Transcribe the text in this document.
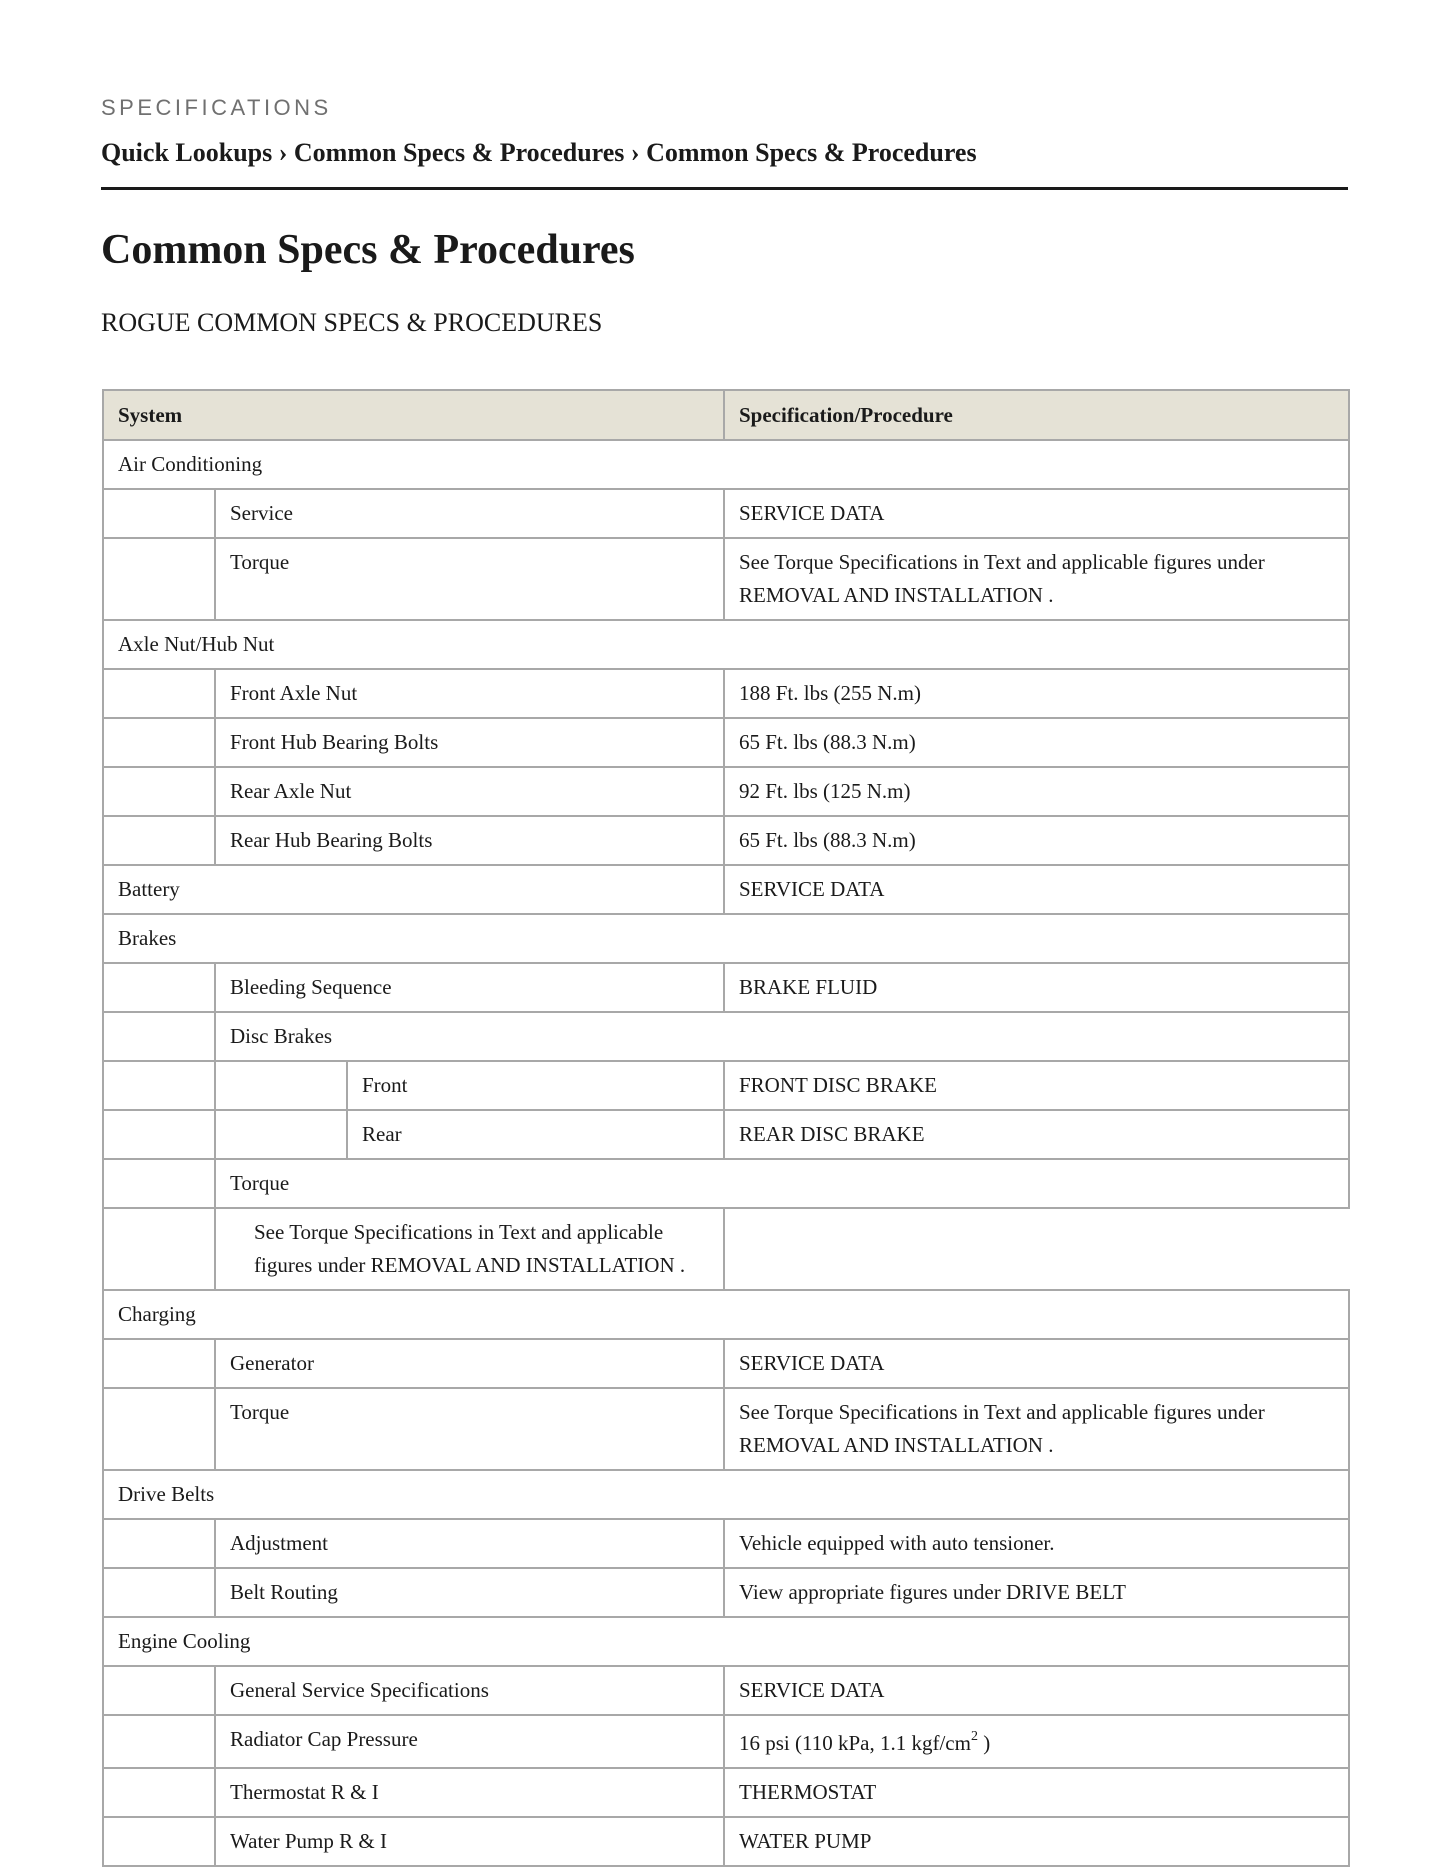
SPECIFICATIONS
Quick Lookups › Common Specs & Procedures › Common Specs & Procedures
Common Specs & Procedures
ROGUE COMMON SPECS & PROCEDURES
System			Specification/Procedure
Air Conditioning			
	Service		SERVICE DATA
	Torque		See Torque Specifications in Text and applicable figures under REMOVAL AND INSTALLATION .
Axle Nut/Hub Nut			
	Front Axle Nut		188 Ft. lbs (255 N.m)
	Front Hub Bearing Bolts		65 Ft. lbs (88.3 N.m)
	Rear Axle Nut		92 Ft. lbs (125 N.m)
	Rear Hub Bearing Bolts		65 Ft. lbs (88.3 N.m)
Battery			SERVICE DATA
Brakes			
	Bleeding Sequence		BRAKE FLUID
	Disc Brakes		
		Front	FRONT DISC BRAKE
		Rear	REAR DISC BRAKE
	Torque		
	See Torque Specifications in Text and applicable figures under REMOVAL AND INSTALLATION .		
Charging			
	Generator		SERVICE DATA
	Torque		See Torque Specifications in Text and applicable figures under REMOVAL AND INSTALLATION .
Drive Belts			
	Adjustment		Vehicle equipped with auto tensioner.
	Belt Routing		View appropriate figures under DRIVE BELT
Engine Cooling			
	General Service Specifications		SERVICE DATA
	Radiator Cap Pressure		16 psi (110 kPa, 1.1 kgf/$cm^2$ )
	Thermostat R & I		THERMOSTAT
	Water Pump R & I		WATER PUMP
